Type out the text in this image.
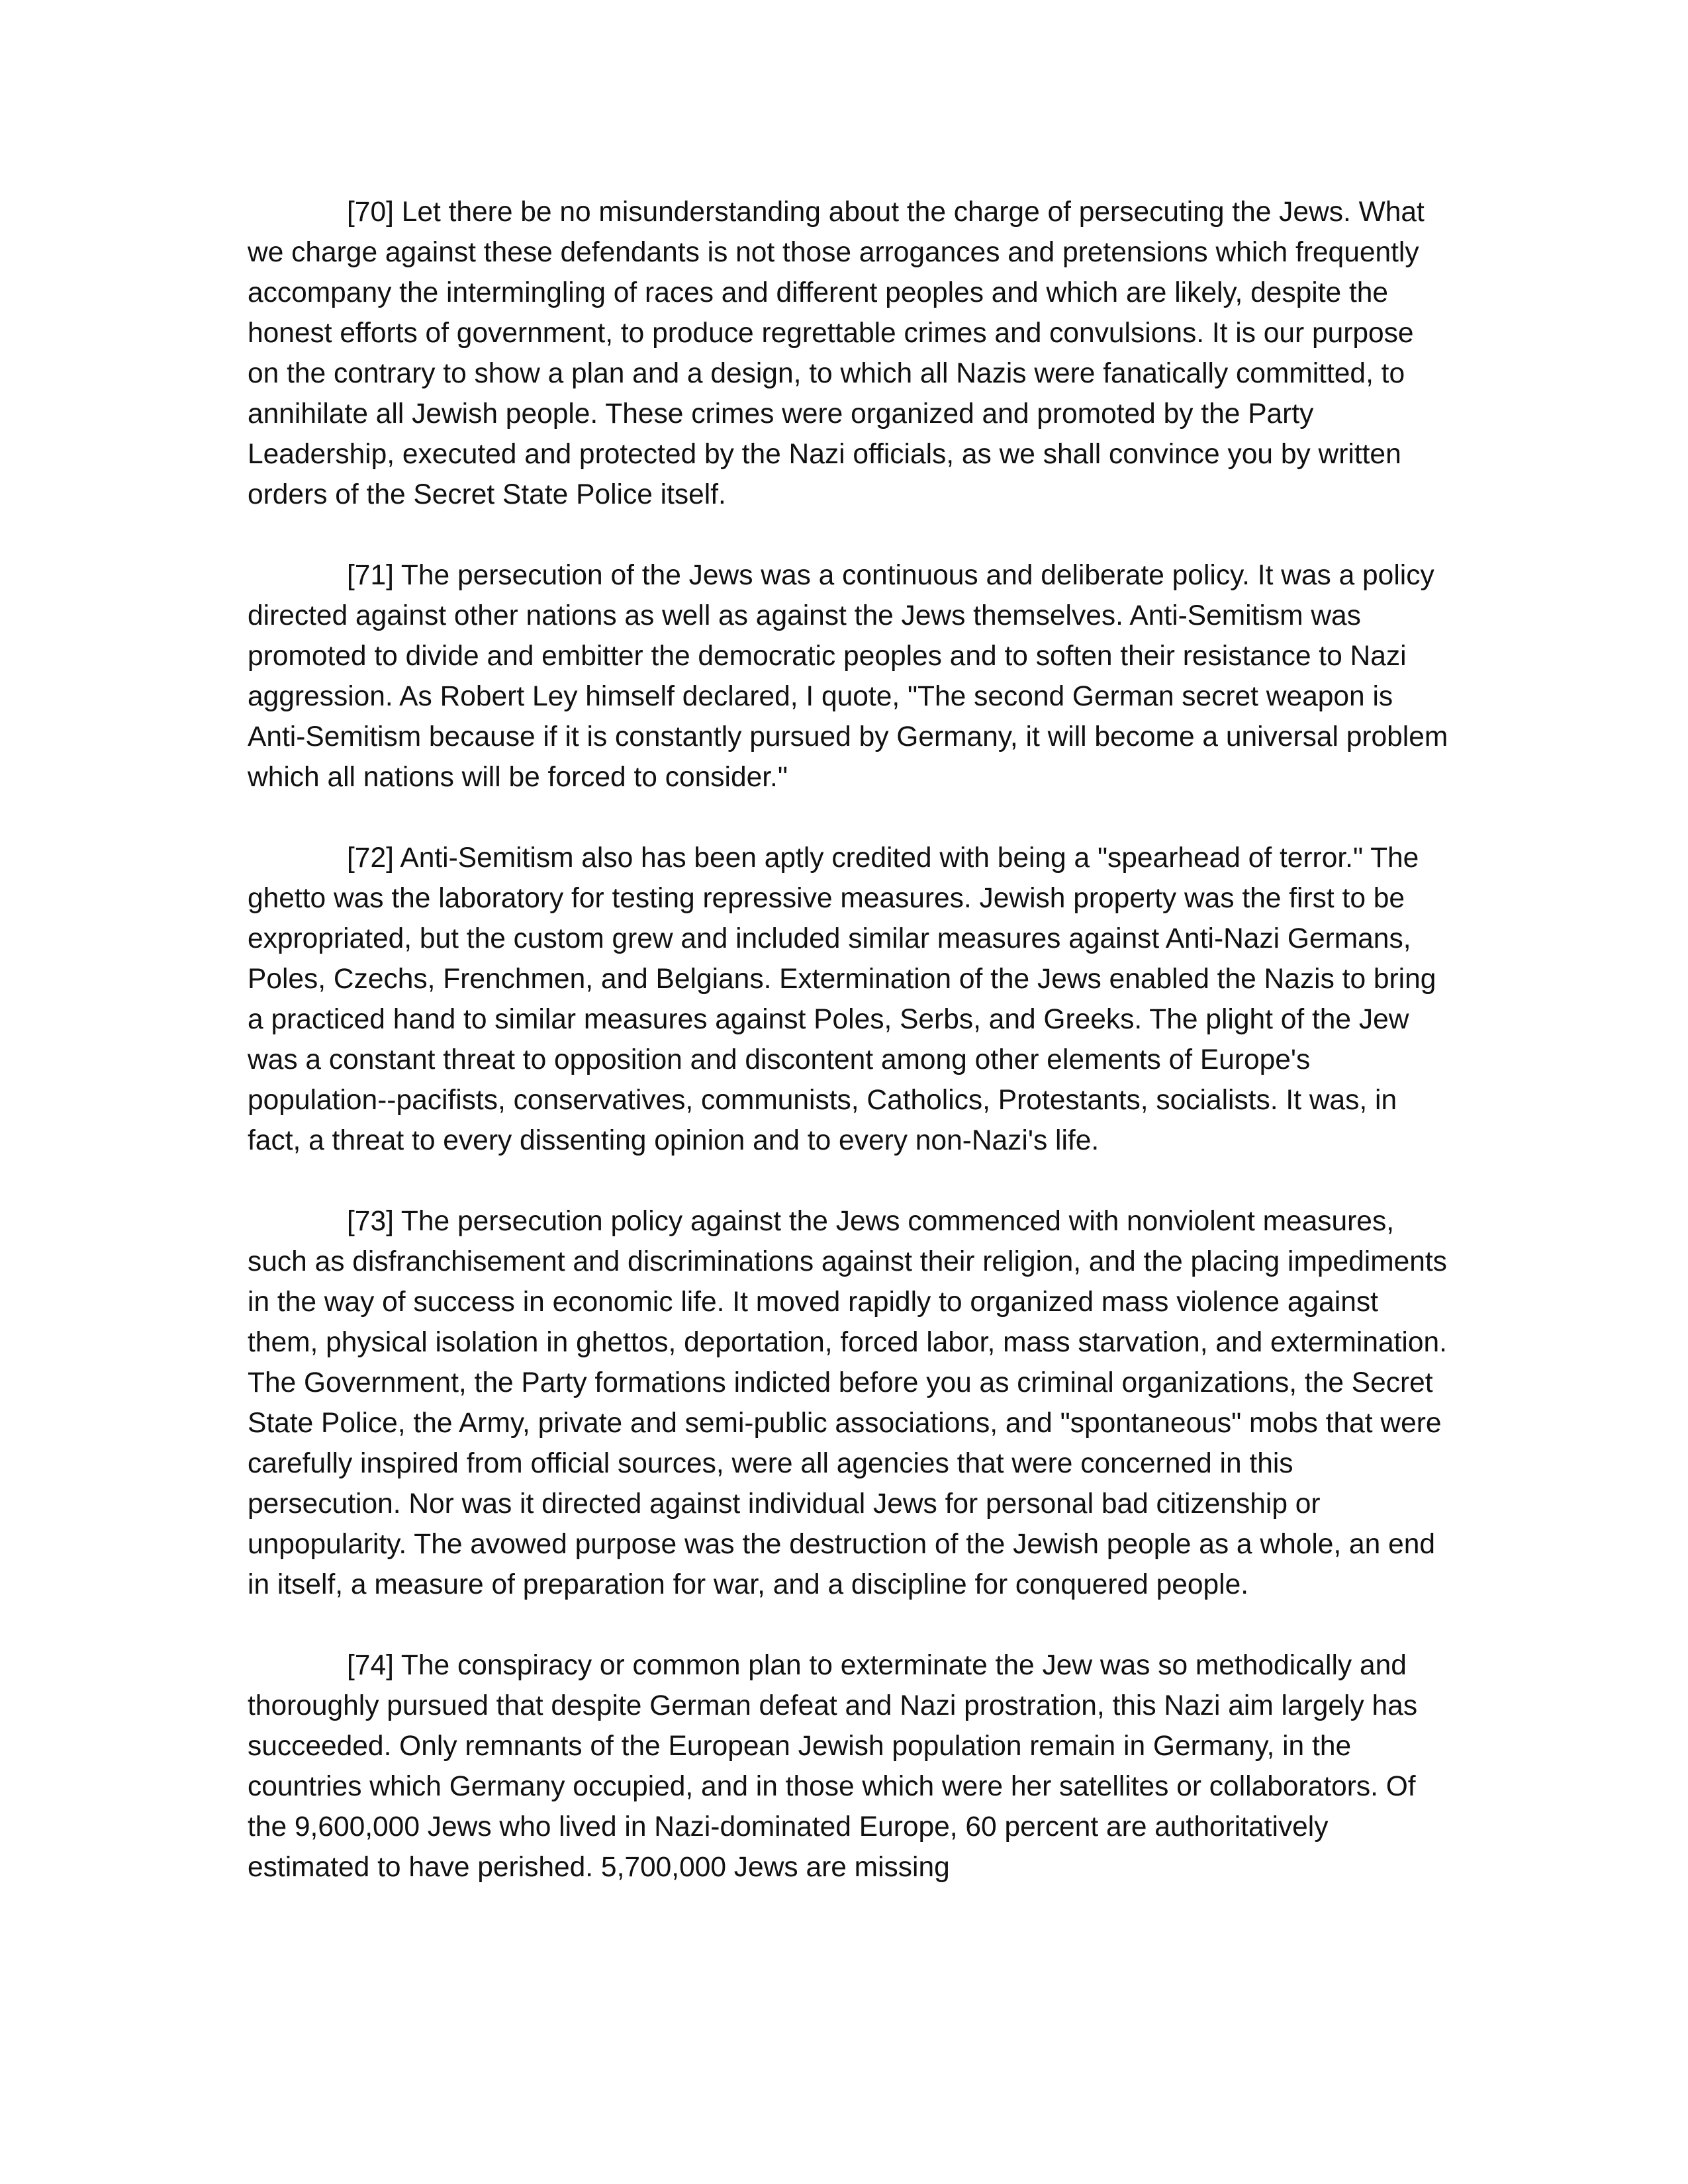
[70] Let there be no misunderstanding about the charge of persecuting the Jews. What we charge against these defendants is not those arrogances and pretensions which frequently accompany the intermingling of races and different peoples and which are likely, despite the honest efforts of government, to produce regrettable crimes and convulsions. It is our purpose on the contrary to show a plan and a design, to which all Nazis were fanatically committed, to annihilate all Jewish people. These crimes were organized and promoted by the Party Leadership, executed and protected by the Nazi officials, as we shall convince you by written orders of the Secret State Police itself.

[71] The persecution of the Jews was a continuous and deliberate policy. It was a policy directed against other nations as well as against the Jews themselves. Anti-Semitism was promoted to divide and embitter the democratic peoples and to soften their resistance to Nazi aggression. As Robert Ley himself declared, I quote, "The second German secret weapon is Anti-Semitism because if it is constantly pursued by Germany, it will become a universal problem which all nations will be forced to consider."

[72] Anti-Semitism also has been aptly credited with being a "spearhead of terror." The ghetto was the laboratory for testing repressive measures. Jewish property was the first to be expropriated, but the custom grew and included similar measures against Anti-Nazi Germans, Poles, Czechs, Frenchmen, and Belgians. Extermination of the Jews enabled the Nazis to bring a practiced hand to similar measures against Poles, Serbs, and Greeks. The plight of the Jew was a constant threat to opposition and discontent among other elements of Europe's population--pacifists, conservatives, communists, Catholics, Protestants, socialists. It was, in fact, a threat to every dissenting opinion and to every non-Nazi's life.

[73] The persecution policy against the Jews commenced with nonviolent measures, such as disfranchisement and discriminations against their religion, and the placing impediments in the way of success in economic life. It moved rapidly to organized mass violence against them, physical isolation in ghettos, deportation, forced labor, mass starvation, and extermination. The Government, the Party formations indicted before you as criminal organizations, the Secret State Police, the Army, private and semi-public associations, and "spontaneous" mobs that were carefully inspired from official sources, were all agencies that were concerned in this persecution. Nor was it directed against individual Jews for personal bad citizenship or unpopularity. The avowed purpose was the destruction of the Jewish people as a whole, an end in itself, a measure of preparation for war, and a discipline for conquered people.

[74] The conspiracy or common plan to exterminate the Jew was so methodically and thoroughly pursued that despite German defeat and Nazi prostration, this Nazi aim largely has succeeded. Only remnants of the European Jewish population remain in Germany, in the countries which Germany occupied, and in those which were her satellites or collaborators. Of the 9,600,000 Jews who lived in Nazi-dominated Europe, 60 percent are authoritatively estimated to have perished. 5,700,000 Jews are missing
